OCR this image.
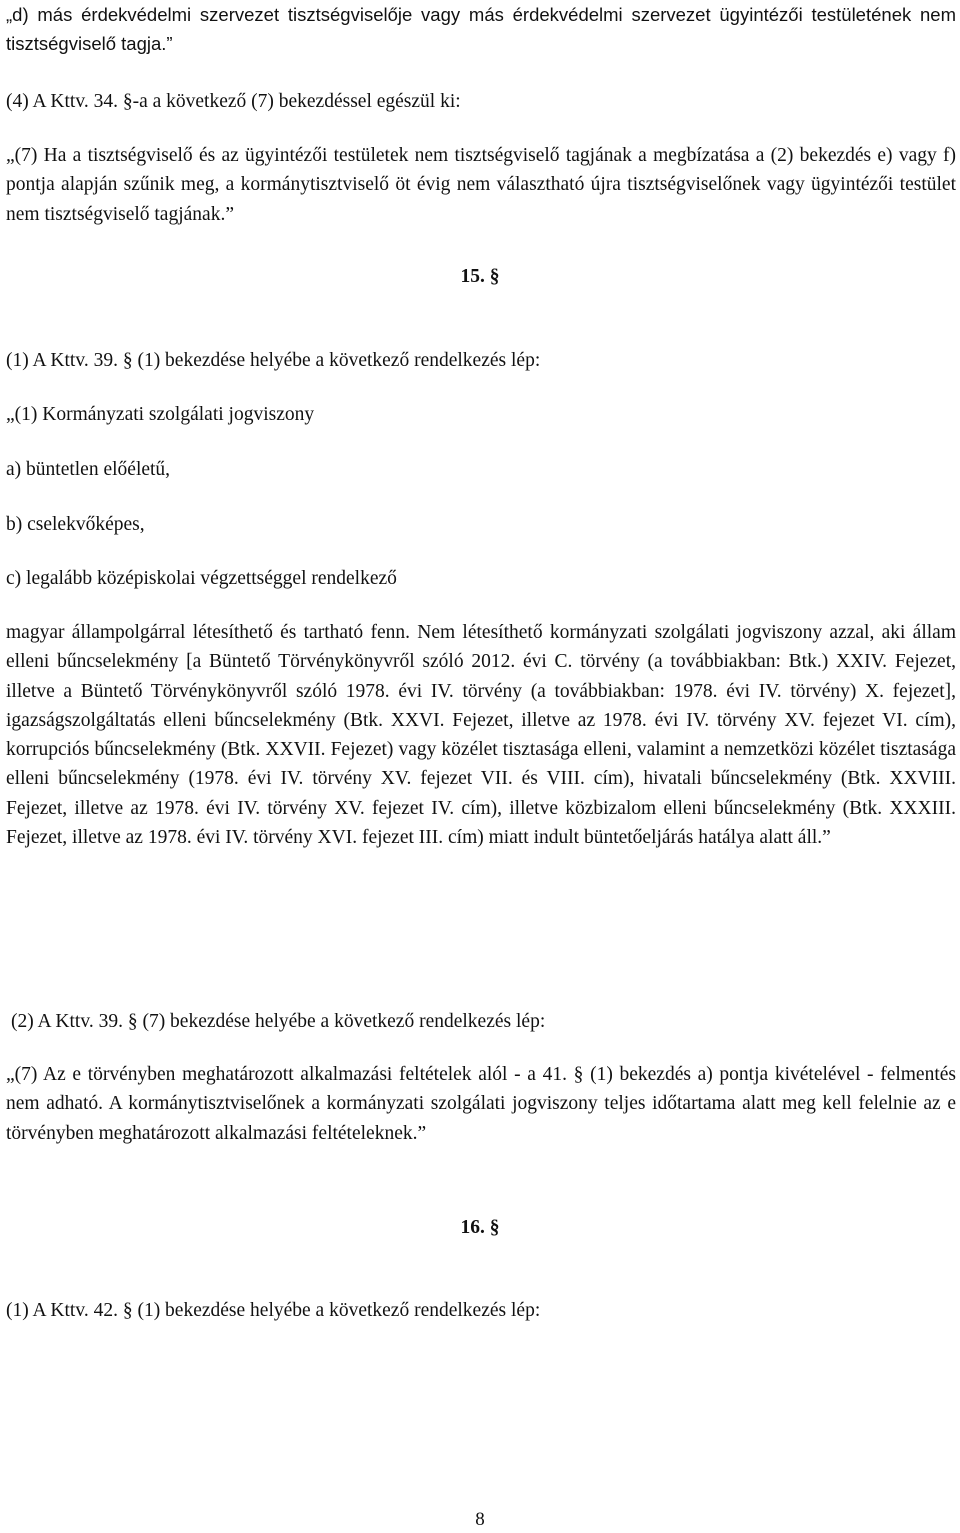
„d) más érdekvédelmi szervezet tisztségviselője vagy más érdekvédelmi szervezet ügyintézői testületének nem tisztségviselő tagja.”

(4) A Kttv. 34. §-a a következő (7) bekezdéssel egészül ki:

„(7) Ha a tisztségviselő és az ügyintézői testületek nem tisztségviselő tagjának a megbízatása a (2) bekezdés e) vagy f) pontja alapján szűnik meg, a kormánytisztviselő öt évig nem választható újra tisztségviselőnek vagy ügyintézői testület nem tisztségviselő tagjának.”

15. §

(1) A Kttv. 39. § (1) bekezdése helyébe a következő rendelkezés lép:

„(1) Kormányzati szolgálati jogviszony

a) büntetlen előéletű,

b) cselekvőképes,

c) legalább középiskolai végzettséggel rendelkező

magyar állampolgárral létesíthető és tartható fenn. Nem létesíthető kormányzati szolgálati jogviszony azzal, aki állam elleni bűncselekmény [a Büntető Törvénykönyvről szóló 2012. évi C. törvény (a továbbiakban: Btk.) XXIV. Fejezet, illetve a Büntető Törvénykönyvről szóló 1978. évi IV. törvény (a továbbiakban: 1978. évi IV. törvény) X. fejezet], igazságszolgáltatás elleni bűncselekmény (Btk. XXVI. Fejezet, illetve az 1978. évi IV. törvény XV. fejezet VI. cím), korrupciós bűncselekmény (Btk. XXVII. Fejezet) vagy közélet tisztasága elleni, valamint a nemzetközi közélet tisztasága elleni bűncselekmény (1978. évi IV. törvény XV. fejezet VII. és VIII. cím), hivatali bűncselekmény (Btk. XXVIII. Fejezet, illetve az 1978. évi IV. törvény XV. fejezet IV. cím), illetve közbizalom elleni bűncselekmény (Btk. XXXIII. Fejezet, illetve az 1978. évi IV. törvény XVI. fejezet III. cím) miatt indult büntetőeljárás hatálya alatt áll.”

(2) A Kttv. 39. § (7) bekezdése helyébe a következő rendelkezés lép:

„(7) Az e törvényben meghatározott alkalmazási feltételek alól - a 41. § (1) bekezdés a) pontja kivételével - felmentés nem adható. A kormánytisztviselőnek a kormányzati szolgálati jogviszony teljes időtartama alatt meg kell felelnie az e törvényben meghatározott alkalmazási feltételeknek.”

16. §

(1) A Kttv. 42. § (1) bekezdése helyébe a következő rendelkezés lép:

8
